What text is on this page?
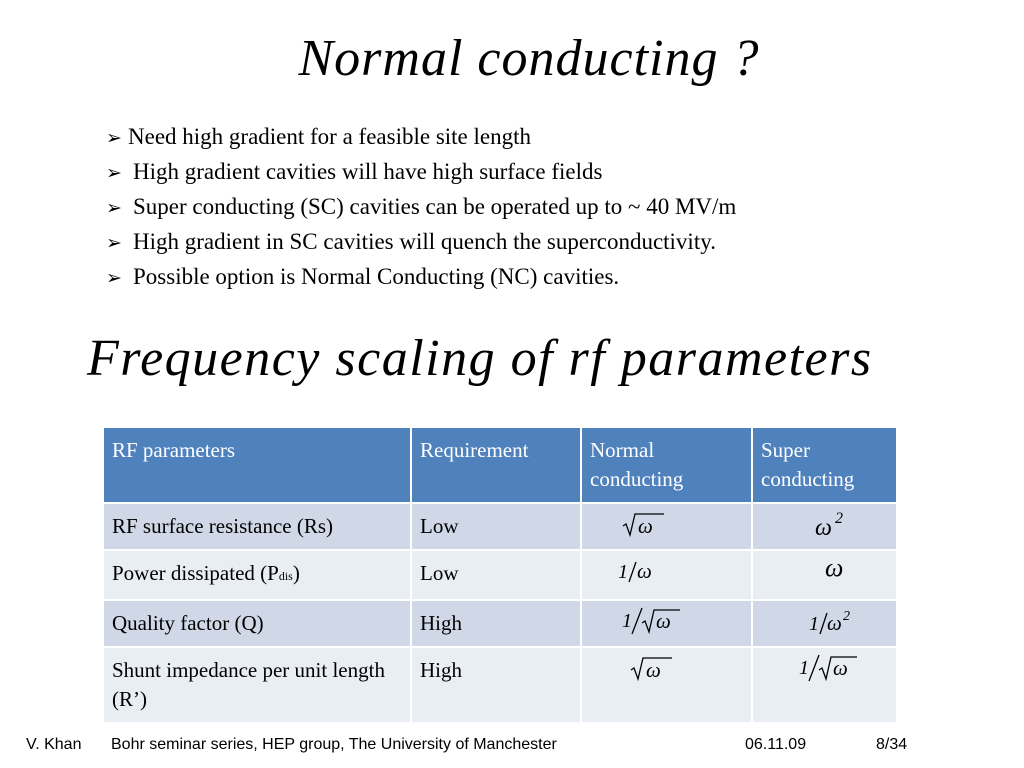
Normal conducting ?
➢ Need high gradient for a feasible site length
➢ High gradient cavities will have high surface fields
➢ Super conducting (SC) cavities can be operated up to ~ 40 MV/m
➢ High gradient in SC cavities will quench the superconductivity.
➢ Possible option is Normal Conducting (NC) cavities.
Frequency scaling of rf parameters
RF parameters	Requirement	Normal conducting	Super conducting
RF surface resistance (Rs)	Low	ω	ω 2

Power dissipated (Pdis)	Low	1 ω	ω

Quality factor (Q)	High	1 ω	1 ω 2

Shunt impedance per unit length (R’)	High	ω	1 ω
V. Khan Bohr seminar series, HEP group, The University of Manchester	06.11.09	8/34
